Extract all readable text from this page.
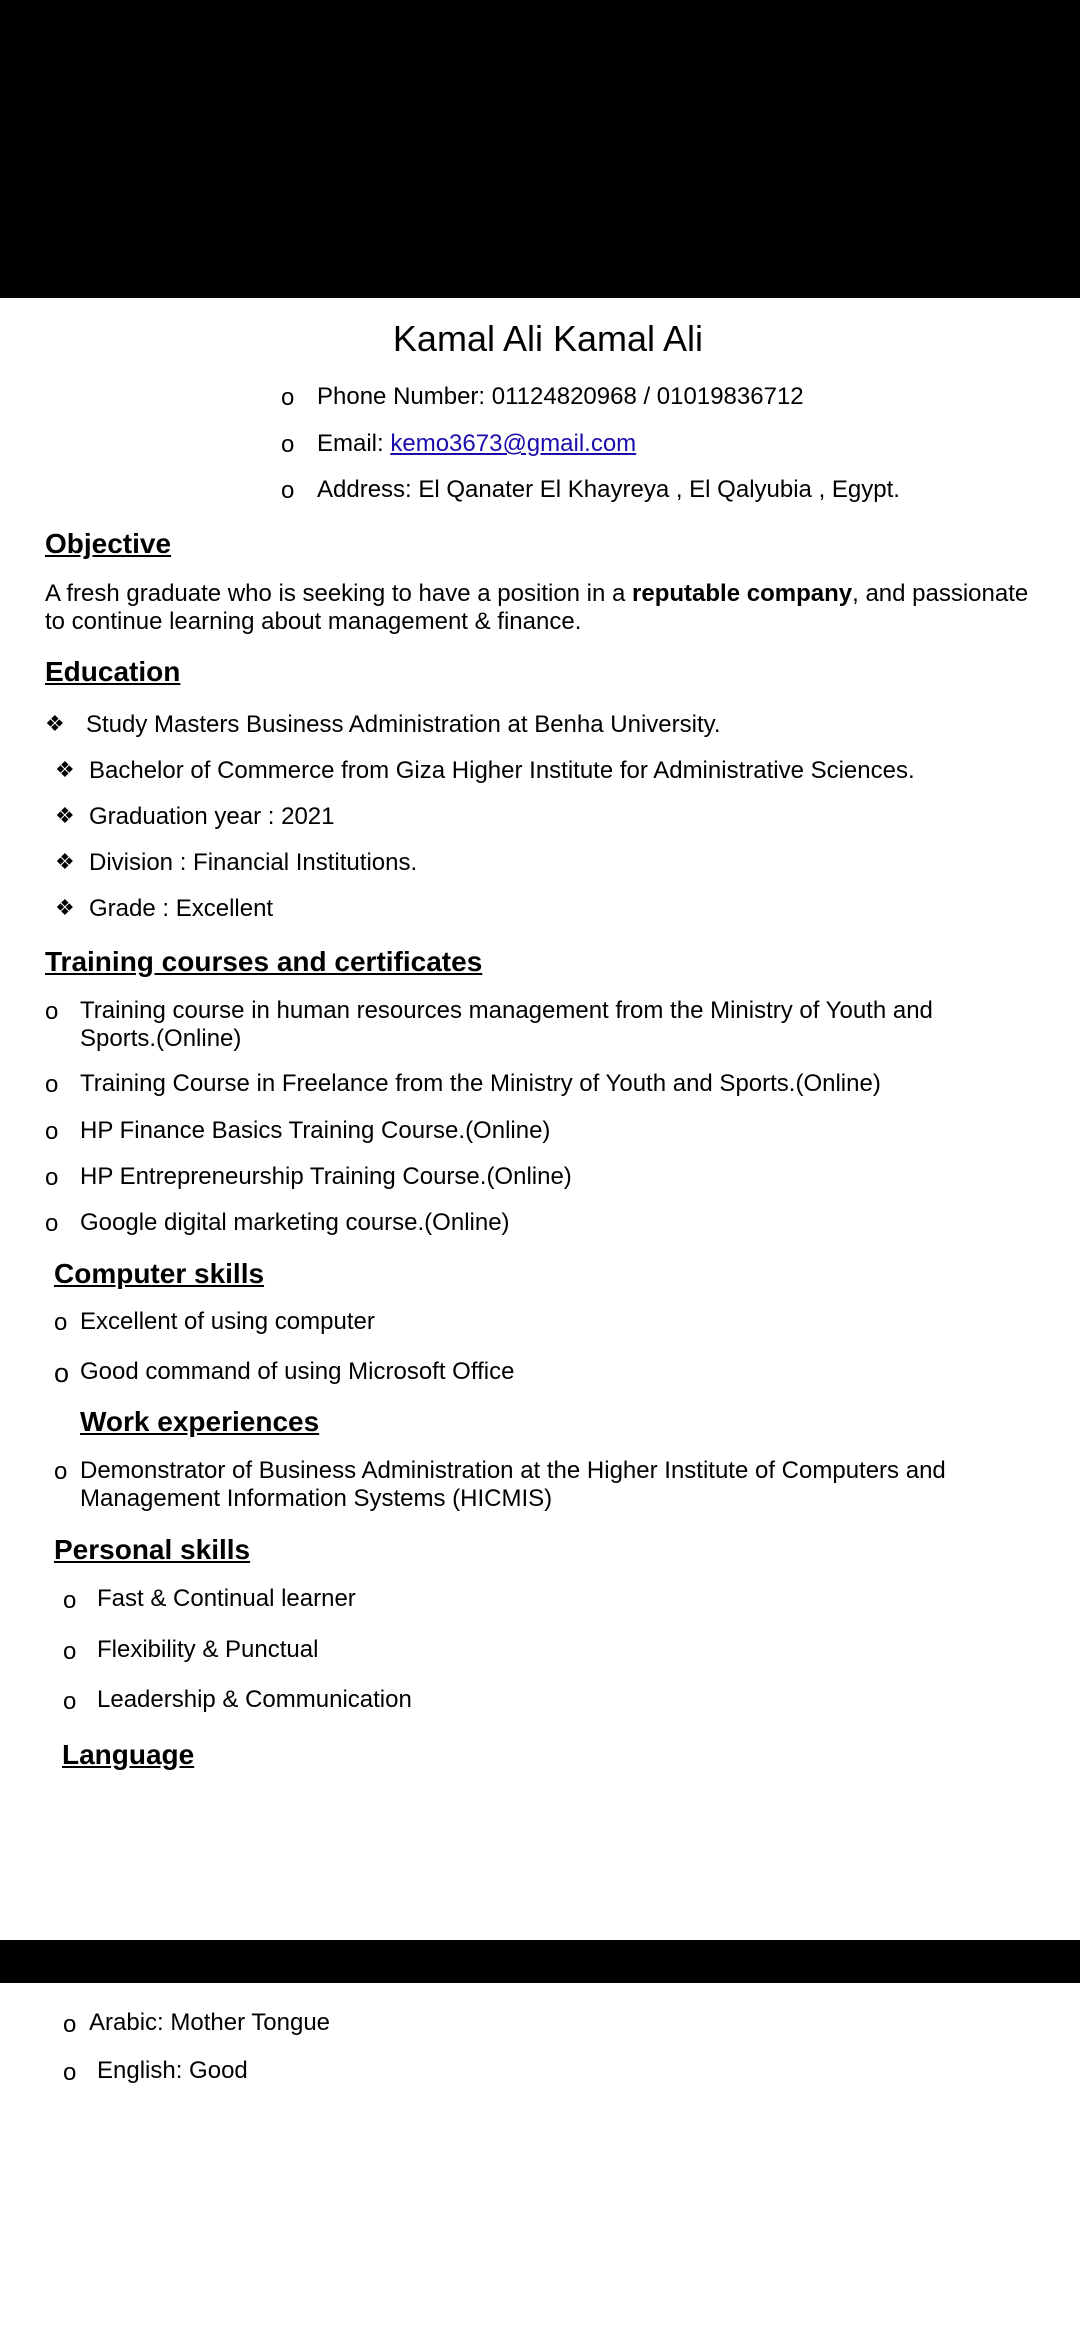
Kamal Ali Kamal Ali
o Phone Number: 01124820968 / 01019836712
o Email: kemo3673@gmail.com
o Address: El Qanater El Khayreya , El Qalyubia , Egypt.
Objective
A fresh graduate who is seeking to have a position in a reputable company, and passionate to continue learning about management & finance.
Education
❖ Study Masters Business Administration at Benha University.
❖ Bachelor of Commerce from Giza Higher Institute for Administrative Sciences.
❖ Graduation year : 2021
❖ Division : Financial Institutions.
❖ Grade : Excellent
Training courses and certificates
o Training course in human resources management from the Ministry of Youth and Sports.(Online)
o Training Course in Freelance from the Ministry of Youth and Sports.(Online)
o HP Finance Basics Training Course.(Online)
o HP Entrepreneurship Training Course.(Online)
o Google digital marketing course.(Online)
Computer skills
o Excellent of using computer
o Good command of using Microsoft Office
Work experiences
o Demonstrator of Business Administration at the Higher Institute of Computers and Management Information Systems (HICMIS)
Personal skills
o Fast & Continual learner
o Flexibility & Punctual
o Leadership & Communication
Language
o Arabic: Mother Tongue
o English: Good
